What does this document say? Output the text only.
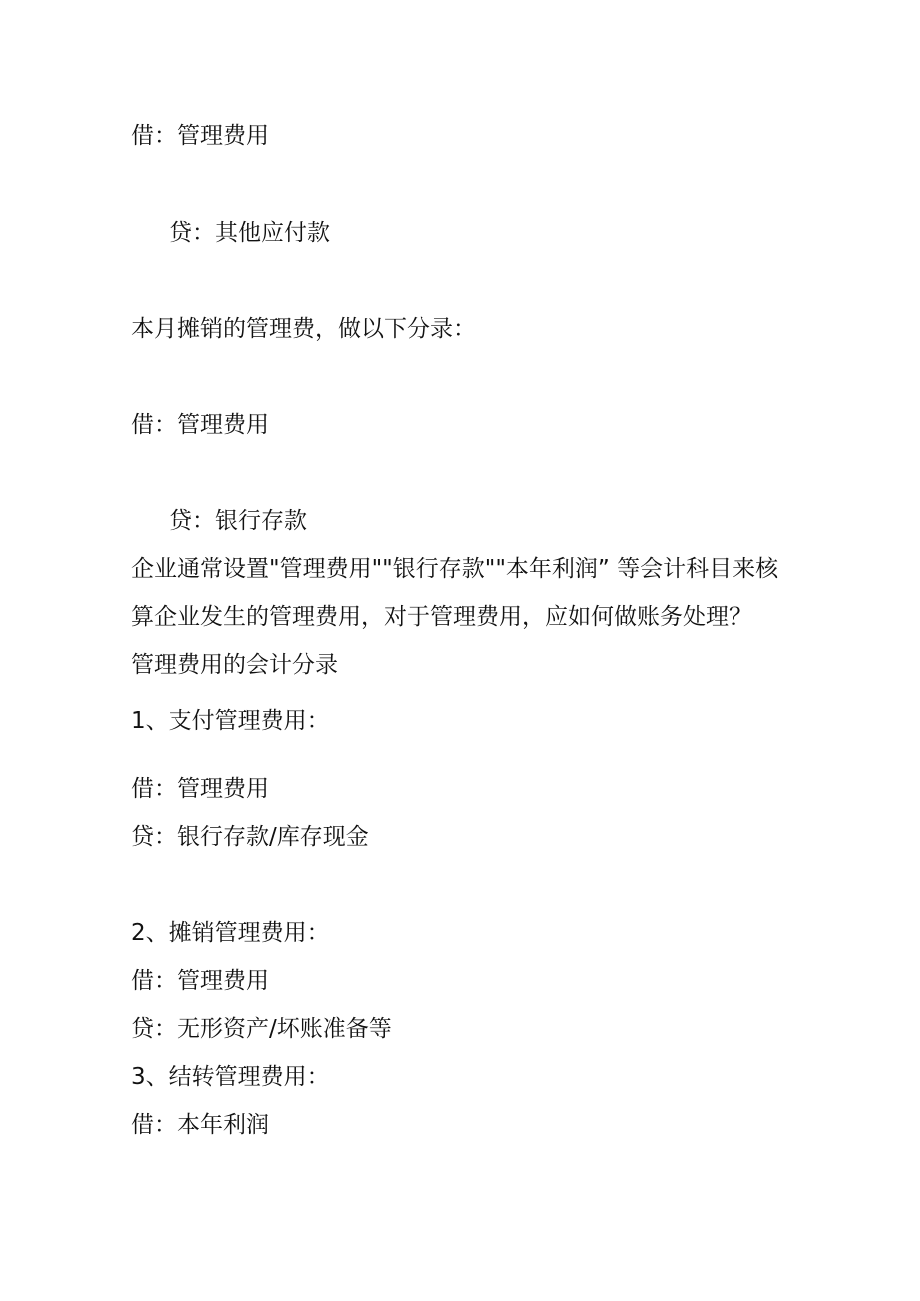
借：管理费用
贷：其他应付款
本月摊销的管理费，做以下分录：
借：管理费用
贷：银行存款
企业通常设置"管理费用""银行存款""本年利润” 等会计科目来核
算企业发生的管理费用，对于管理费用，应如何做账务处理？
管理费用的会计分录
1、支付管理费用：
借：管理费用
贷：银行存款/库存现金
2、摊销管理费用：
借：管理费用
贷：无形资产/坏账准备等
3、结转管理费用：
借：本年利润
